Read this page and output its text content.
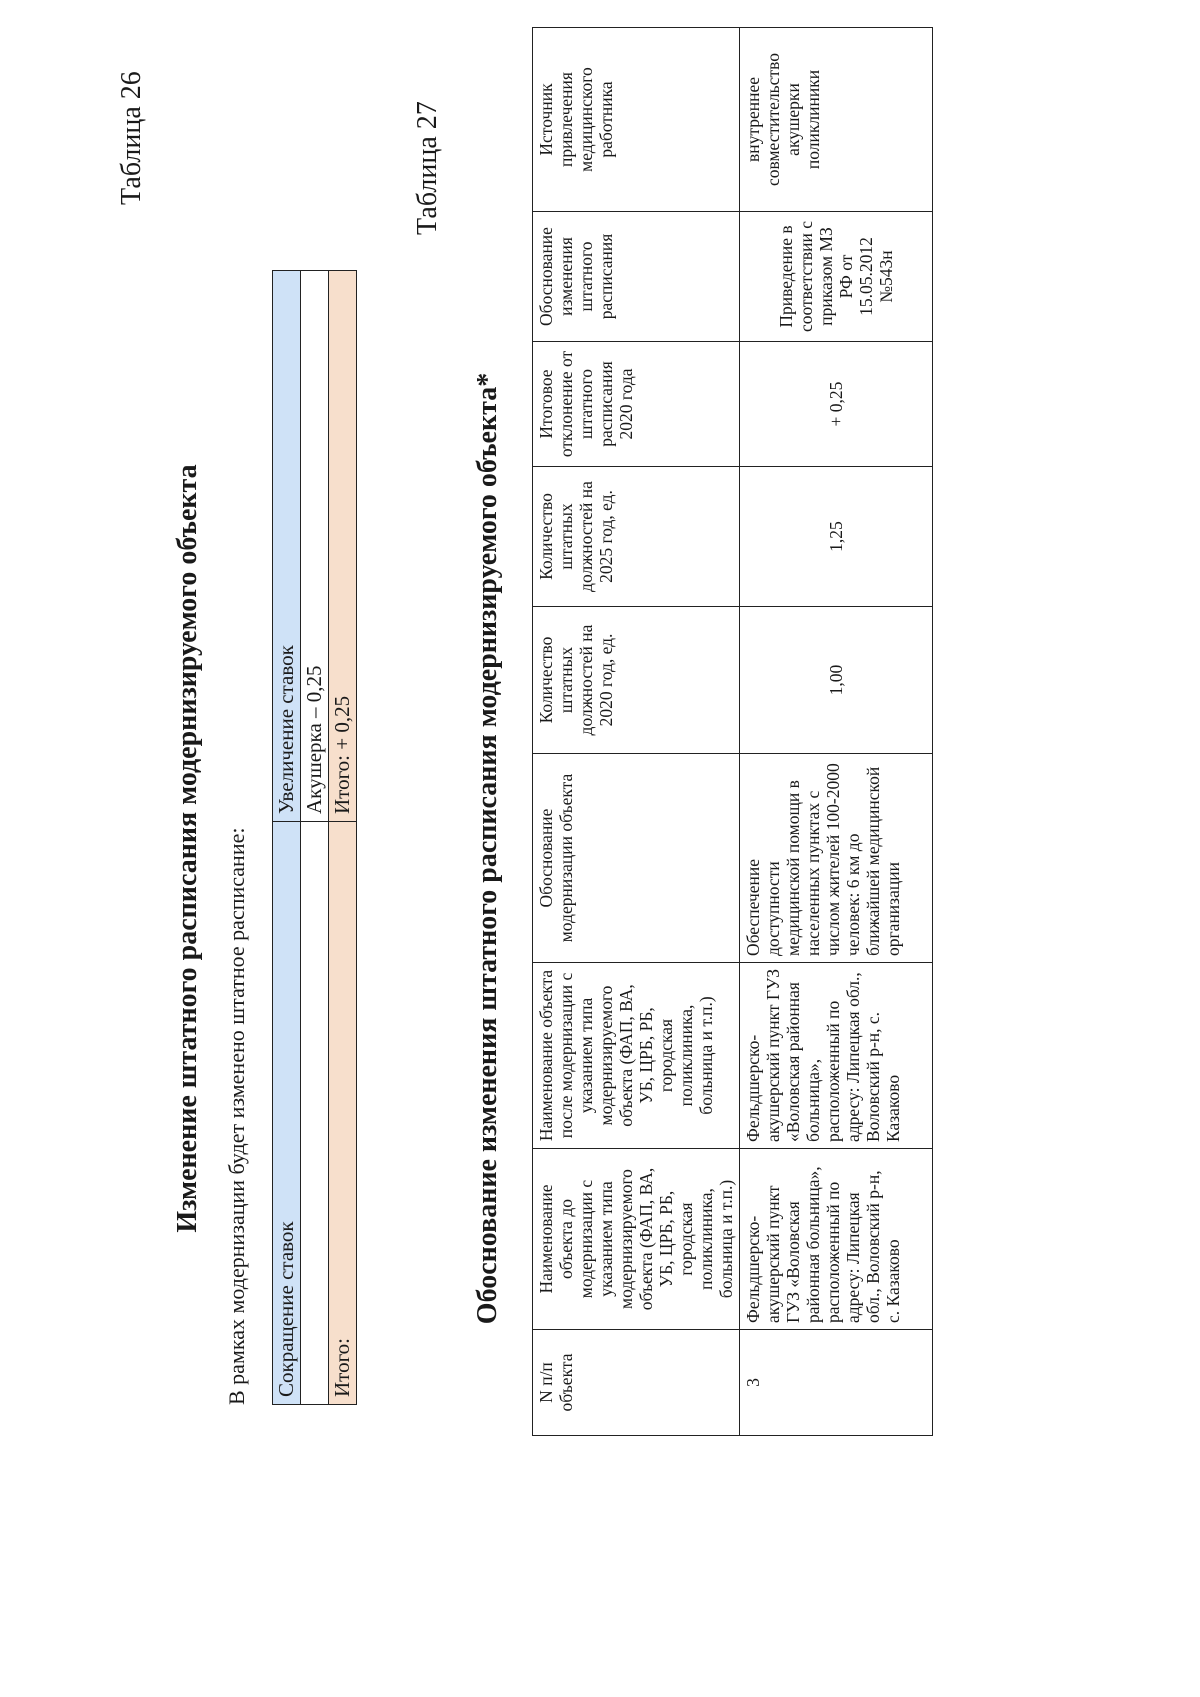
Таблица 26
Изменение штатного расписания модернизируемого объекта В рамках модернизации будет изменено штатное расписание: Сокращение ставок	Увеличение ставок
	Акушерка – 0,25
Итого:	Итого: + 0,25
Таблица 27
Обоснование изменения штатного расписания модернизируемого объекта*
N п/п объекта	Наименование объекта до модернизации с указанием типа модернизируемого объекта (ФАП, ВА, УБ, ЦРБ, РБ, городская поликлиника, больница и т.п.)	Наименование объекта после модернизации с указанием типа модернизируемого объекта (ФАП, ВА, УБ, ЦРБ, РБ, городская поликлиника, больница и т.п.)	Обоснование модернизации объекта	Количество штатных должностей на 2020 год, ед.	Количество штатных должностей на 2025 год, ед.	Итоговое отклонение от штатного расписания 2020 года	Обоснование изменения штатного расписания	Источник привлечения медицинского работника
3	Фельдшерско-акушерский пункт ГУЗ «Воловская районная больница», расположенный по адресу: Липецкая обл., Воловский р-н, с. Казаково	Фельдшерско-акушерский пункт ГУЗ «Воловская районная больница», расположенный по адресу: Липецкая обл., Воловский р-н, с. Казаково	Обеспечение доступности медицинской помощи в населенных пунктах с числом жителей 100-2000 человек: 6 км до ближайшей медицинской организации	1,00	1,25	+ 0,25	Приведение в соответствии с приказом МЗ РФ от 15.05.2012 №543н	внутреннее совместительство акушерки поликлиники
